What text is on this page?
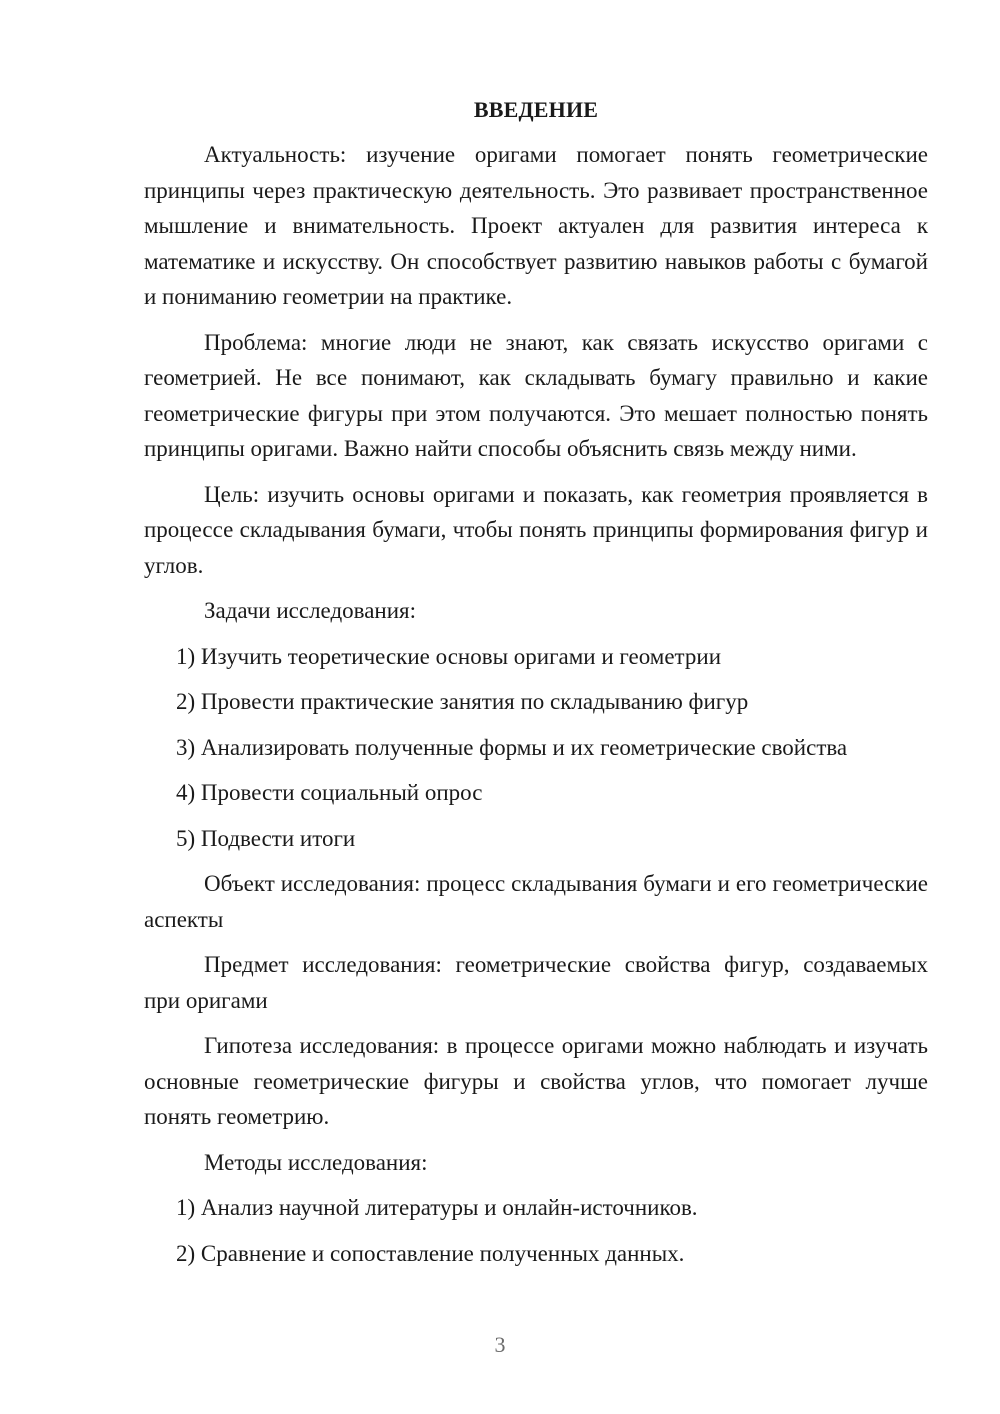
ВВЕДЕНИЕ

Актуальность: изучение оригами помогает понять геометрические принципы через практическую деятельность. Это развивает пространственное мышление и внимательность. Проект актуален для развития интереса к математике и искусству. Он способствует развитию навыков работы с бумагой и пониманию геометрии на практике.

Проблема: многие люди не знают, как связать искусство оригами с геометрией. Не все понимают, как складывать бумагу правильно и какие геометрические фигуры при этом получаются. Это мешает полностью понять принципы оригами. Важно найти способы объяснить связь между ними.

Цель: изучить основы оригами и показать, как геометрия проявляется в процессе складывания бумаги, чтобы понять принципы формирования фигур и углов.

Задачи исследования:

1) Изучить теоретические основы оригами и геометрии
2) Провести практические занятия по складыванию фигур
3) Анализировать полученные формы и их геометрические свойства
4) Провести социальный опрос
5) Подвести итоги

Объект исследования: процесс складывания бумаги и его геометрические аспекты

Предмет исследования: геометрические свойства фигур, создаваемых при оригами

Гипотеза исследования: в процессе оригами можно наблюдать и изучать основные геометрические фигуры и свойства углов, что помогает лучше понять геометрию.

Методы исследования:

1) Анализ научной литературы и онлайн-источников.
2) Сравнение и сопоставление полученных данных.
3
